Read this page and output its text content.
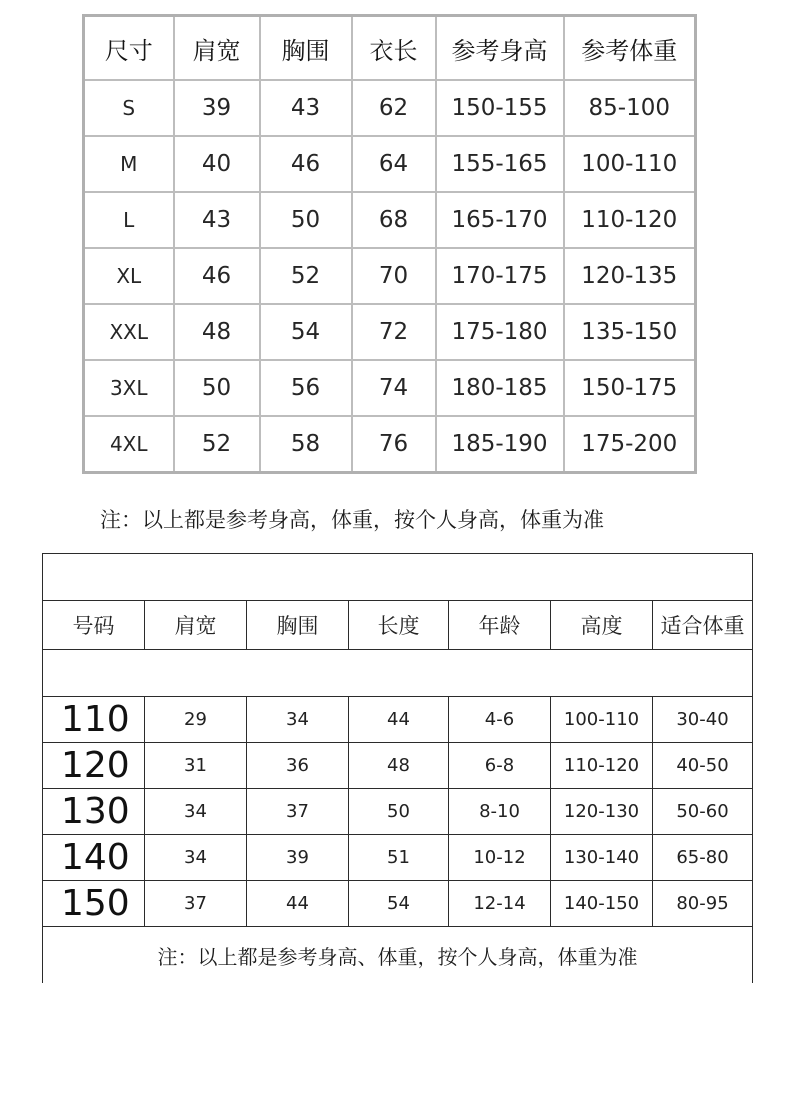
尺寸	肩宽	胸围	衣长	参考身高	参考体重
S	39	43	62	150-155	85-100
M	40	46	64	155-165	100-110
L	43	50	68	165-170	110-120
XL	46	52	70	170-175	120-135
XXL	48	54	72	175-180	135-150
3XL	50	56	74	180-185	150-175
4XL	52	58	76	185-190	175-200
注：以上都是参考身高，体重，按个人身高，体重为准

号码	肩宽	胸围	长度	年龄	高度	适合体重

110	29	34	44	4-6	100-110	30-40
120	31	36	48	6-8	110-120	40-50
130	34	37	50	8-10	120-130	50-60
140	34	39	51	10-12	130-140	65-80
150	37	44	54	12-14	140-150	80-95
注：以上都是参考身高、体重，按个人身高，体重为准						
